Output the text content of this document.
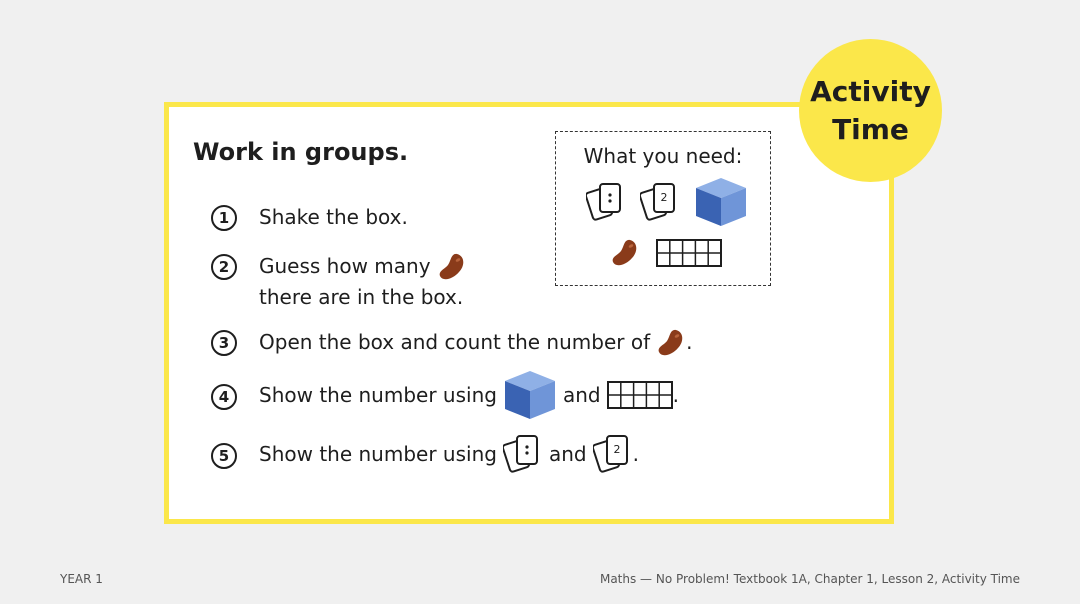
Activity
Time
Work in groups.	What you need:
2
1	Shake the box.
2	Guess how many
there are in the box.
3	Open the box and count the number of .
4	Show the number using	and	.
5	Show the number using	and 2 .
YEAR 1	Maths — No Problem! Textbook 1A, Chapter 1, Lesson 2, Activity Time
